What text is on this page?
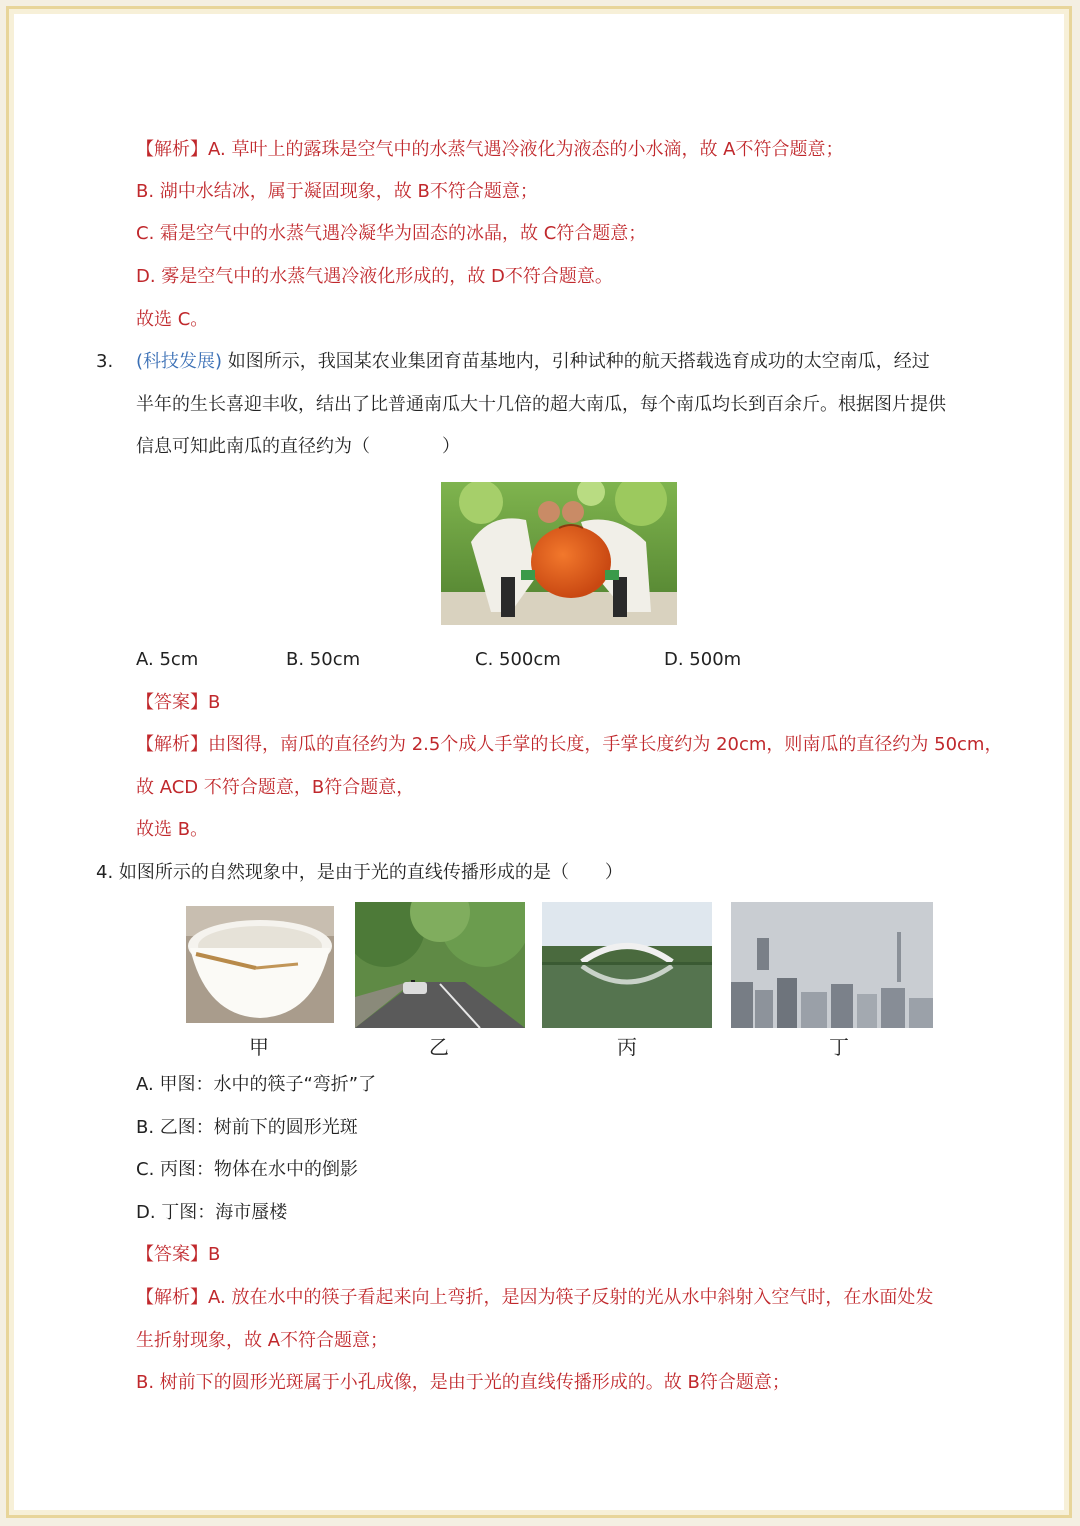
【解析】A. 草叶上的露珠是空气中的水蒸气遇冷液化为液态的小水滴，故 A不符合题意；
B. 湖中水结冰，属于凝固现象，故 B不符合题意；
C. 霜是空气中的水蒸气遇冷凝华为固态的冰晶，故 C符合题意；
D. 雾是空气中的水蒸气遇冷液化形成的，故 D不符合题意。
故选 C。
3. (科技发展) 如图所示，我国某农业集团育苗基地内，引种试种的航天搭载选育成功的太空南瓜，经过
半年的生长喜迎丰收，结出了比普通南瓜大十几倍的超大南瓜，每个南瓜均长到百余斤。根据图片提供
信息可知此南瓜的直径约为（　　　　）
A. 5cm	B. 50cm	C. 500cm	D. 500m
【答案】B
【解析】由图得，南瓜的直径约为 2.5个成人手掌的长度，手掌长度约为 20cm，则南瓜的直径约为 50cm，
故 ACD 不符合题意，B符合题意，
故选 B。
4. 如图所示的自然现象中，是由于光的直线传播形成的是（　　）
甲	乙	丙	丁
A. 甲图：水中的筷子“弯折”了
B. 乙图：树前下的圆形光斑
C. 丙图：物体在水中的倒影
D. 丁图：海市蜃楼
【答案】B
【解析】A. 放在水中的筷子看起来向上弯折，是因为筷子反射的光从水中斜射入空气时，在水面处发
生折射现象，故 A不符合题意；
B. 树前下的圆形光斑属于小孔成像，是由于光的直线传播形成的。故 B符合题意；
